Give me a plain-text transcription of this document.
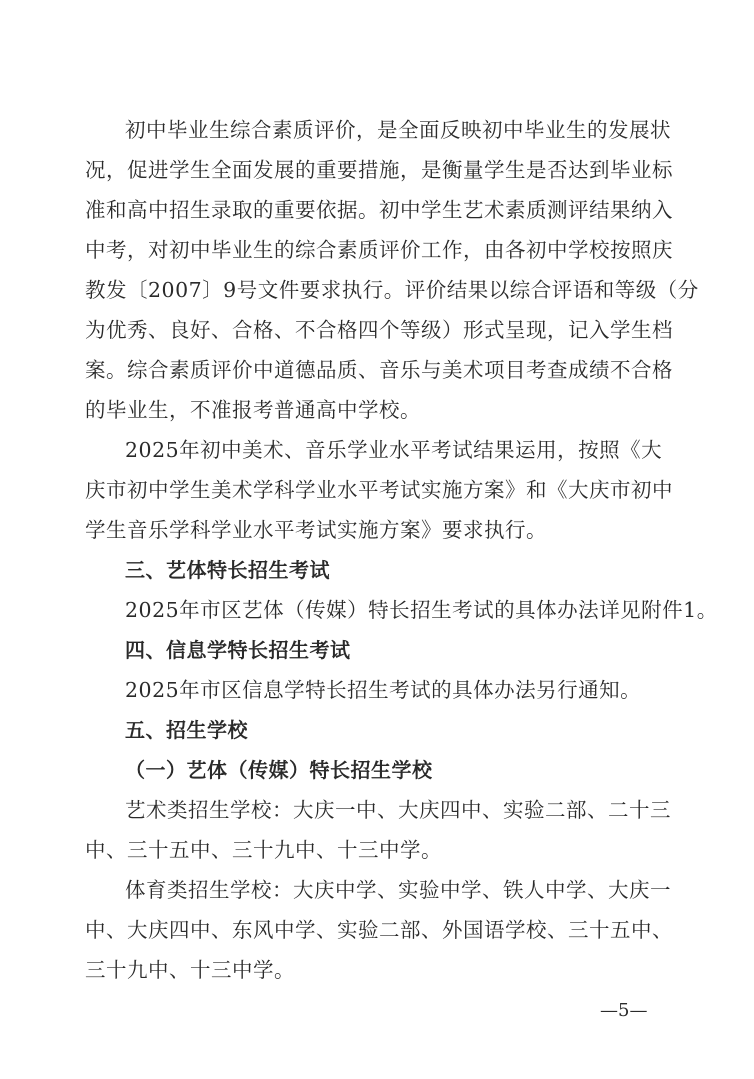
初中毕业生综合素质评价，是全面反映初中毕业生的发展状
况，促进学生全面发展的重要措施，是衡量学生是否达到毕业标
准和高中招生录取的重要依据。初中学生艺术素质测评结果纳入
中考，对初中毕业生的综合素质评价工作，由各初中学校按照庆
教发〔2007〕9号文件要求执行。评价结果以综合评语和等级（分
为优秀、良好、合格、不合格四个等级）形式呈现，记入学生档
案。综合素质评价中道德品质、音乐与美术项目考查成绩不合格
的毕业生，不准报考普通高中学校。
2025年初中美术、音乐学业水平考试结果运用，按照《大
庆市初中学生美术学科学业水平考试实施方案》和《大庆市初中
学生音乐学科学业水平考试实施方案》要求执行。
三、艺体特长招生考试
2025年市区艺体（传媒）特长招生考试的具体办法详见附件1。
四、信息学特长招生考试
2025年市区信息学特长招生考试的具体办法另行通知。
五、招生学校
（一）艺体（传媒）特长招生学校
艺术类招生学校：大庆一中、大庆四中、实验二部、二十三
中、三十五中、三十九中、十三中学。
体育类招生学校：大庆中学、实验中学、铁人中学、大庆一
中、大庆四中、东风中学、实验二部、外国语学校、三十五中、
三十九中、十三中学。
—5—
